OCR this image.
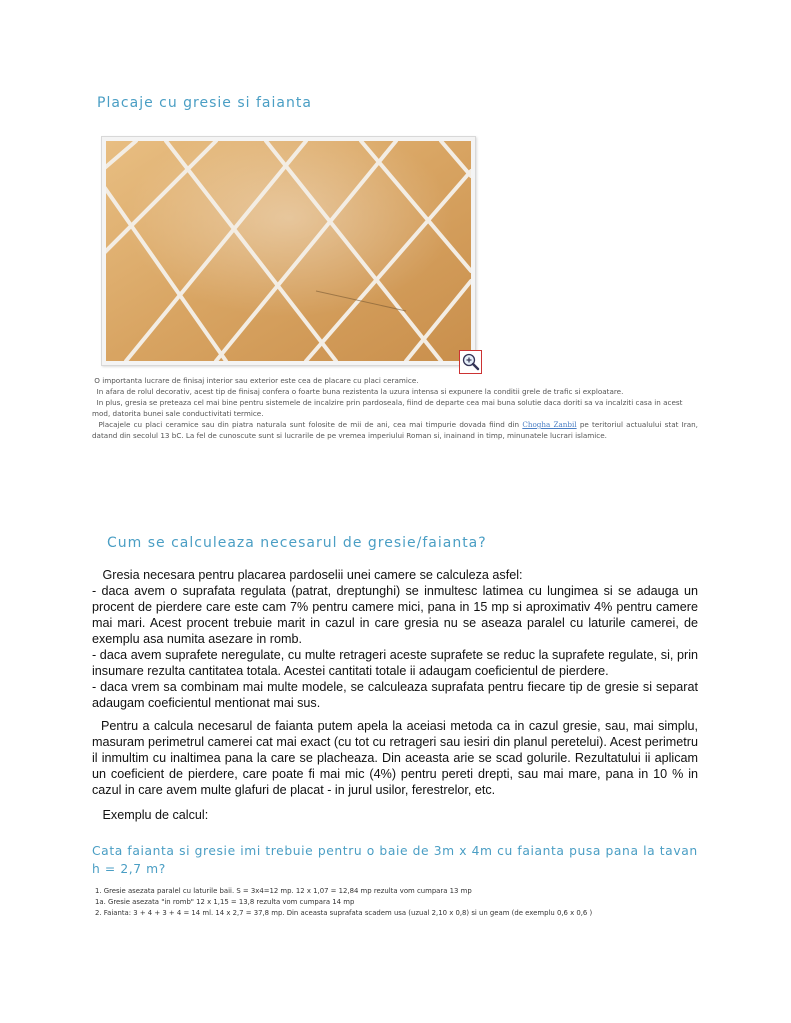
Placaje cu gresie si faianta

O importanta lucrare de finisaj interior sau exterior este cea de placare cu placi ceramice.

In afara de rolul decorativ, acest tip de finisaj confera o foarte buna rezistenta la uzura intensa si expunere la conditii grele de trafic si exploatare.

In plus, gresia se preteaza cel mai bine pentru sistemele de incalzire prin pardoseala, fiind de departe cea mai buna solutie daca doriti sa va incalziti casa in acest mod, datorita bunei sale conductivitati termice.

Placajele cu placi ceramice sau din piatra naturala sunt folosite de mii de ani, cea mai timpurie dovada fiind din Chogha Zanbil pe teritoriul actualului stat Iran, datand din secolul 13 bC. La fel de cunoscute sunt si lucrarile de pe vremea imperiului Roman si, inainand in timp, minunatele lucrari islamice.

Cum se calculeaza necesarul de gresie/faianta?
Gresia necesara pentru placarea pardoselii unei camere se calculeza asfel:
- daca avem o suprafata regulata (patrat, dreptunghi) se inmultesc latimea cu lungimea si se adauga un procent de pierdere care este cam 7% pentru camere mici, pana in 15 mp si aproximativ 4% pentru camere mai mari. Acest procent trebuie marit in cazul in care gresia nu se aseaza paralel cu laturile camerei, de exemplu asa numita asezare in romb.
- daca avem suprafete neregulate, cu multe retrageri aceste suprafete se reduc la suprafete regulate, si, prin insumare rezulta cantitatea totala. Acestei cantitati totale ii adaugam coeficientul de pierdere.
- daca vrem sa combinam mai multe modele, se calculeaza suprafata pentru fiecare tip de gresie si separat adaugam coeficientul mentionat mai sus.
Pentru a calcula necesarul de faianta putem apela la aceiasi metoda ca in cazul gresie, sau, mai simplu, masuram perimetrul camerei cat mai exact (cu tot cu retrageri sau iesiri din planul peretelui). Acest perimetru il inmultim cu inaltimea pana la care se placheaza. Din aceasta arie se scad golurile. Rezultatului ii aplicam un coeficient de pierdere, care poate fi mai mic (4%) pentru pereti drepti, sau mai mare, pana in 10 % in cazul in care avem multe glafuri de placat - in jurul usilor, ferestrelor, etc.
Exemplu de calcul:

Cata faianta si gresie imi trebuie pentru o baie de 3m x 4m cu faianta pusa pana la tavan h = 2,7 m?

1. Gresie asezata paralel cu laturile baii. S = 3x4=12 mp. 12 x 1,07 = 12,84 mp rezulta vom cumpara 13 mp
1a. Gresie asezata "in romb" 12 x 1,15 = 13,8 rezulta vom cumpara 14 mp
2. Faianta: 3 + 4 + 3 + 4 = 14 ml. 14 x 2,7 = 37,8 mp. Din aceasta suprafata scadem usa (uzual 2,10 x 0,8) si un geam (de exemplu 0,6 x 0,6 )
